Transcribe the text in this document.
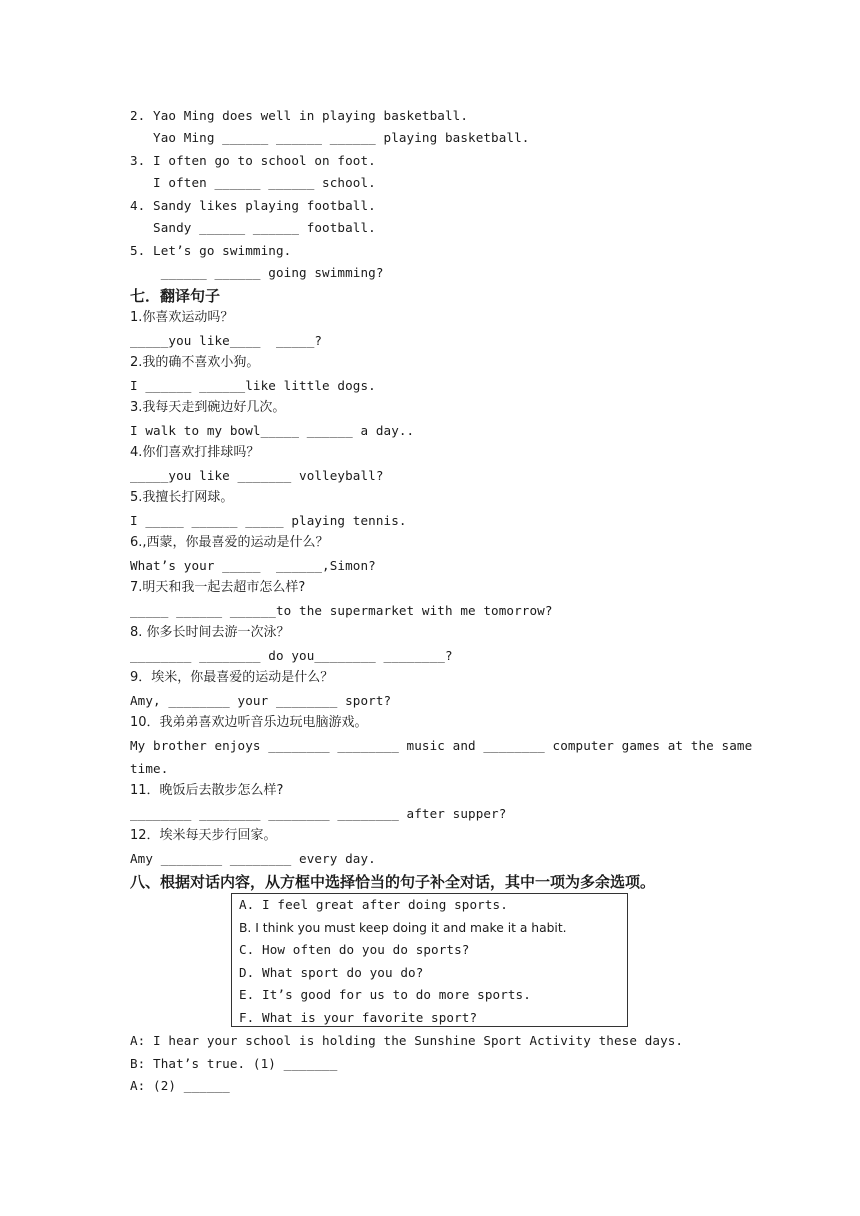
2. Yao Ming does well in playing basketball.
Yao Ming ______ ______ ______ playing basketball.
3. I often go to school on foot.
I often ______ ______ school.
4. Sandy likes playing football.
Sandy ______ ______ football.
5. Let’s go swimming.
______ ______ going swimming?
七．翻译句子
1.你喜欢运动吗？
_____you like____  _____?
2.我的确不喜欢小狗。
I ______ ______like little dogs.
3.我每天走到碗边好几次。
I walk to my bowl_____ ______ a day..
4.你们喜欢打排球吗？
_____you like _______ volleyball?
5.我擅长打网球。
I _____ ______ _____ playing tennis.
6.,西蒙，你最喜爱的运动是什么？
What’s your _____  ______,Simon?
7.明天和我一起去超市怎么样?
_____ ______ ______to the supermarket with me tomorrow?
8. 你多长时间去游一次泳？
________ ________ do you________ ________?
9．埃米，你最喜爱的运动是什么？
Amy, ________ your ________ sport?
10．我弟弟喜欢边听音乐边玩电脑游戏。
My brother enjoys ________ ________ music and ________ computer games at the same
time.
11．晚饭后去散步怎么样?
________ ________ ________ ________ after supper?
12．埃米每天步行回家。
Amy ________ ________ every day.
八、根据对话内容，从方框中选择恰当的句子补全对话，其中一项为多余选项。
A. I feel great after doing sports.
B. I think you must keep doing it and make it a habit.
C. How often do you do sports?
D. What sport do you do?
E. It’s good for us to do more sports.
F. What is your favorite sport?
A: I hear your school is holding the Sunshine Sport Activity these days.
B: That’s true. (1) _______
A: (2) ______
